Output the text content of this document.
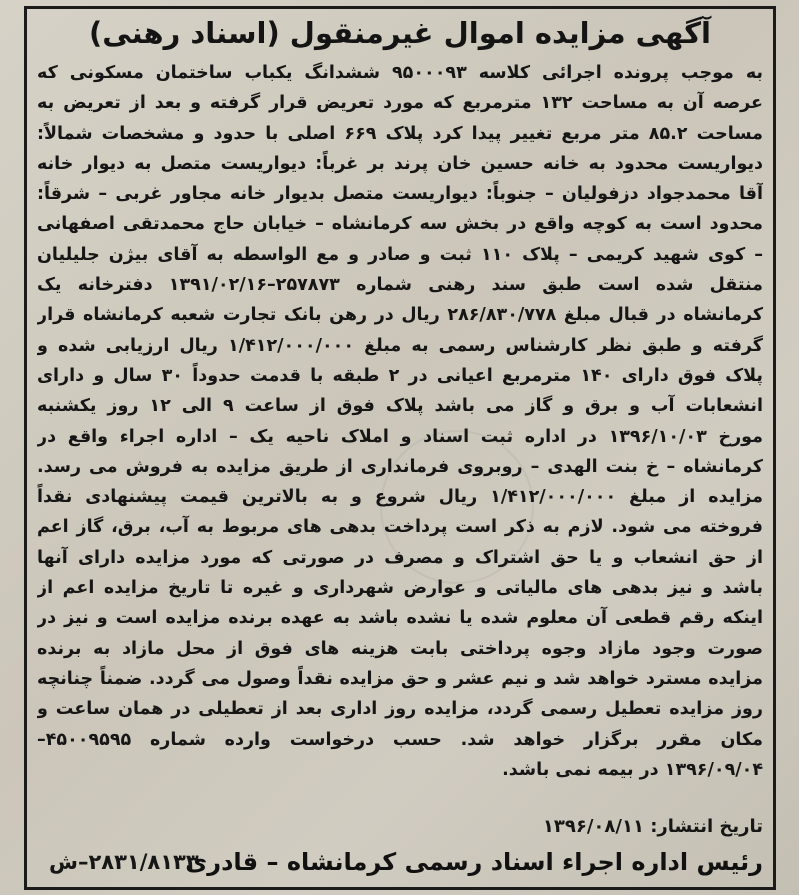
آگهی مزایده اموال غیرمنقول (اسناد رهنی)
به موجب پرونده اجرائی کلاسه ۹۵۰۰۰۹۳ ششدانگ یکباب ساختمان مسکونی که
عرصه آن به مساحت ۱۳۲ مترمربع که مورد تعریض قرار گرفته و بعد از تعریض به
مساحت ۸۵.۲ متر مربع تغییر پیدا کرد پلاک ۶۶۹ اصلی با حدود و مشخصات شمالاً:
دیواریست محدود به خانه حسین خان پرند بر غرباً: دیواریست متصل به دیوار خانه
آقا محمدجواد دزفولیان – جنوباً: دیواریست متصل بدیوار خانه مجاور غربی – شرقاً:
محدود است به کوچه واقع در بخش سه کرمانشاه – خیابان حاج محمدتقی اصفهانی
– کوی شهید کریمی – پلاک ۱۱۰ ثبت و صادر و مع الواسطه به آقای بیژن جلیلیان
منتقل شده است طبق سند رهنی شماره ۲۵۷۸۷۳–۱۳۹۱/۰۲/۱۶ دفترخانه یک
کرمانشاه در قبال مبلغ ۲۸۶/۸۳۰/۷۷۸ ریال در رهن بانک تجارت شعبه کرمانشاه قرار
گرفته و طبق نظر کارشناس رسمی به مبلغ ۱/۴۱۲/۰۰۰/۰۰۰ ریال ارزیابی شده و
پلاک فوق دارای ۱۴۰ مترمربع اعیانی در ۲ طبقه با قدمت حدوداً ۳۰ سال و دارای
انشعابات آب و برق و گاز می باشد پلاک فوق از ساعت ۹ الی ۱۲ روز یکشنبه
مورخ ۱۳۹۶/۱۰/۰۳ در اداره ثبت اسناد و املاک ناحیه یک – اداره اجراء واقع در
کرمانشاه – خ بنت الهدی – روبروی فرمانداری از طریق مزایده به فروش می رسد.
مزایده از مبلغ ۱/۴۱۲/۰۰۰/۰۰۰ ریال شروع و به بالاترین قیمت پیشنهادی نقداً
فروخته می شود. لازم به ذکر است پرداخت بدهی های مربوط به آب، برق، گاز اعم
از حق انشعاب و یا حق اشتراک و مصرف در صورتی که مورد مزایده دارای آنها
باشد و نیز بدهی های مالیاتی و عوارض شهرداری و غیره تا تاریخ مزایده اعم از
اینکه رقم قطعی آن معلوم شده یا نشده باشد به عهده برنده مزایده است و نیز در
صورت وجود مازاد وجوه پرداختی بابت هزینه های فوق از محل مازاد به برنده
مزایده مسترد خواهد شد و نیم عشر و حق مزایده نقداً وصول می گردد. ضمناً چنانچه
روز مزایده تعطیل رسمی گردد، مزایده روز اداری بعد از تعطیلی در همان ساعت و
مکان مقرر برگزار خواهد شد. حسب درخواست وارده شماره ۴۵۰۰۹۵۹۵–
۱۳۹۶/۰۹/۰۴ در بیمه نمی باشد.
تاریخ انتشار: ۱۳۹۶/۰۸/۱۱
رئیس اداره اجراء اسناد رسمی کرمانشاه – قادری
۲۸۳۱/۸۱۳۳–ش
